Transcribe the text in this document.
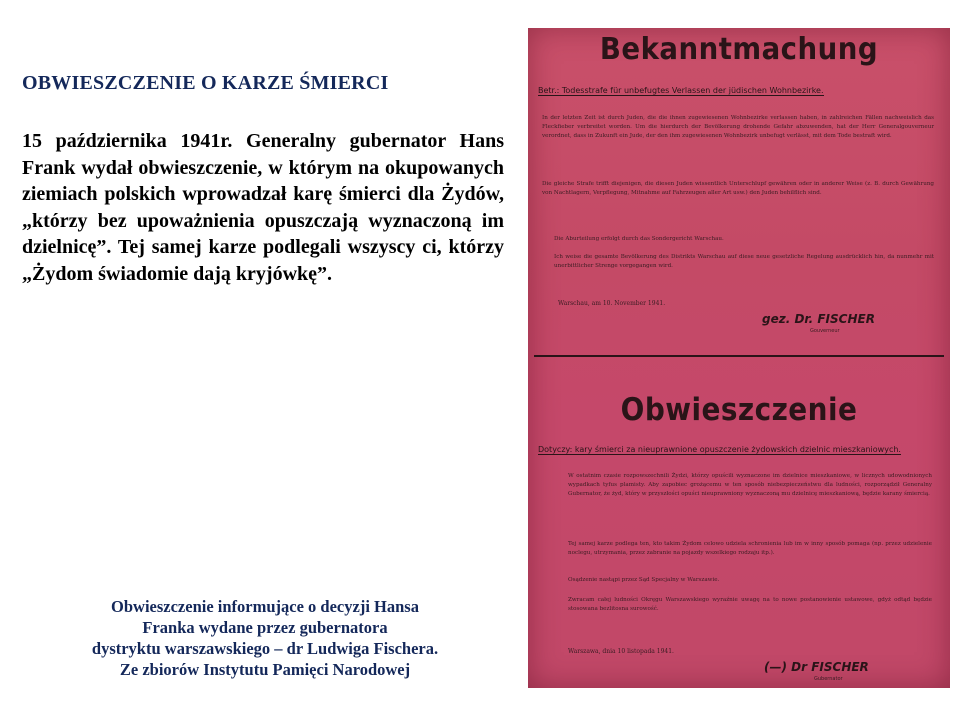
OBWIESZCZENIE O KARZE ŚMIERCI

15 października 1941r. Generalny gubernator Hans Frank wydał obwieszczenie, w którym na okupowanych ziemiach polskich wprowadzał karę śmierci dla Żydów, „którzy bez upoważnienia opuszczają wyznaczoną im dzielnicę”. Tej samej karze podlegali wszyscy ci, którzy „Żydom świadomie dają kryjówkę”.

Obwieszczenie informujące o decyzji Hansa
Franka wydane przez gubernatora
dystryktu warszawskiego – dr Ludwiga Fischera.
Ze zbiorów Instytutu Pamięci Narodowej
Bekanntmachung
Betr.: Todesstrafe für unbefugtes Verlassen der jüdischen Wohnbezirke.
In der letzten Zeit ist durch Juden, die die ihnen zugewiesenen Wohnbezirke verlassen haben, in zahlreichen Fällen nachweislich das Fleckfieber verbreitet worden. Um die hierdurch der Bevölkerung drohende Gefahr abzuwenden, hat der Herr Generalgouverneur verordnet, dass in Zukunft ein Jude, der den ihm zugewiesenen Wohnbezirk unbefugt verlässt, mit dem Tode bestraft wird.
Die gleiche Strafe trifft diejenigen, die diesen Juden wissentlich Unterschlupf gewähren oder in anderer Weise (z. B. durch Gewährung von Nachtlagern, Verpflegung, Mitnahme auf Fahrzeugen aller Art usw.) den Juden behilflich sind.
Die Aburteilung erfolgt durch das Sondergericht Warschau.
Ich weise die gesamte Bevölkerung des Distrikts Warschau auf diese neue gesetzliche Regelung ausdrücklich hin, da nunmehr mit unerbittlicher Strenge vorgegangen wird.
Warschau, am 10. November 1941.
gez. Dr. FISCHER
Gouverneur
Obwieszczenie
Dotyczy: kary śmierci za nieuprawnione opuszczenie żydowskich dzielnic mieszkaniowych.
W ostatnim czasie rozpowszechnili Żydzi, którzy opuścili wyznaczone im dzielnice mieszkaniowe, w licznych udowodnionych wypadkach tyfus plamisty. Aby zapobiec grożącemu w ten sposób niebezpieczeństwu dla ludności, rozporządził Generalny Gubernator, że żyd, który w przyszłości opuści nieuprawniony wyznaczoną mu dzielnicę mieszkaniową, będzie karany śmiercią.
Tej samej karze podlega ten, kto takim Żydom celowo udziela schronienia lub im w inny sposób pomaga (np. przez udzielenie noclegu, utrzymania, przez zabranie na pojazdy wszelkiego rodzaju itp.).
Osądzenie nastąpi przez Sąd Specjalny w Warszawie.
Zwracam całej ludności Okręgu Warszawskiego wyraźnie uwagę na to nowe postanowienie ustawowe, gdyż odtąd będzie stosowana bezlitosna surowość.
Warszawa, dnia 10 listopada 1941.
(—) Dr FISCHER
Gubernator
